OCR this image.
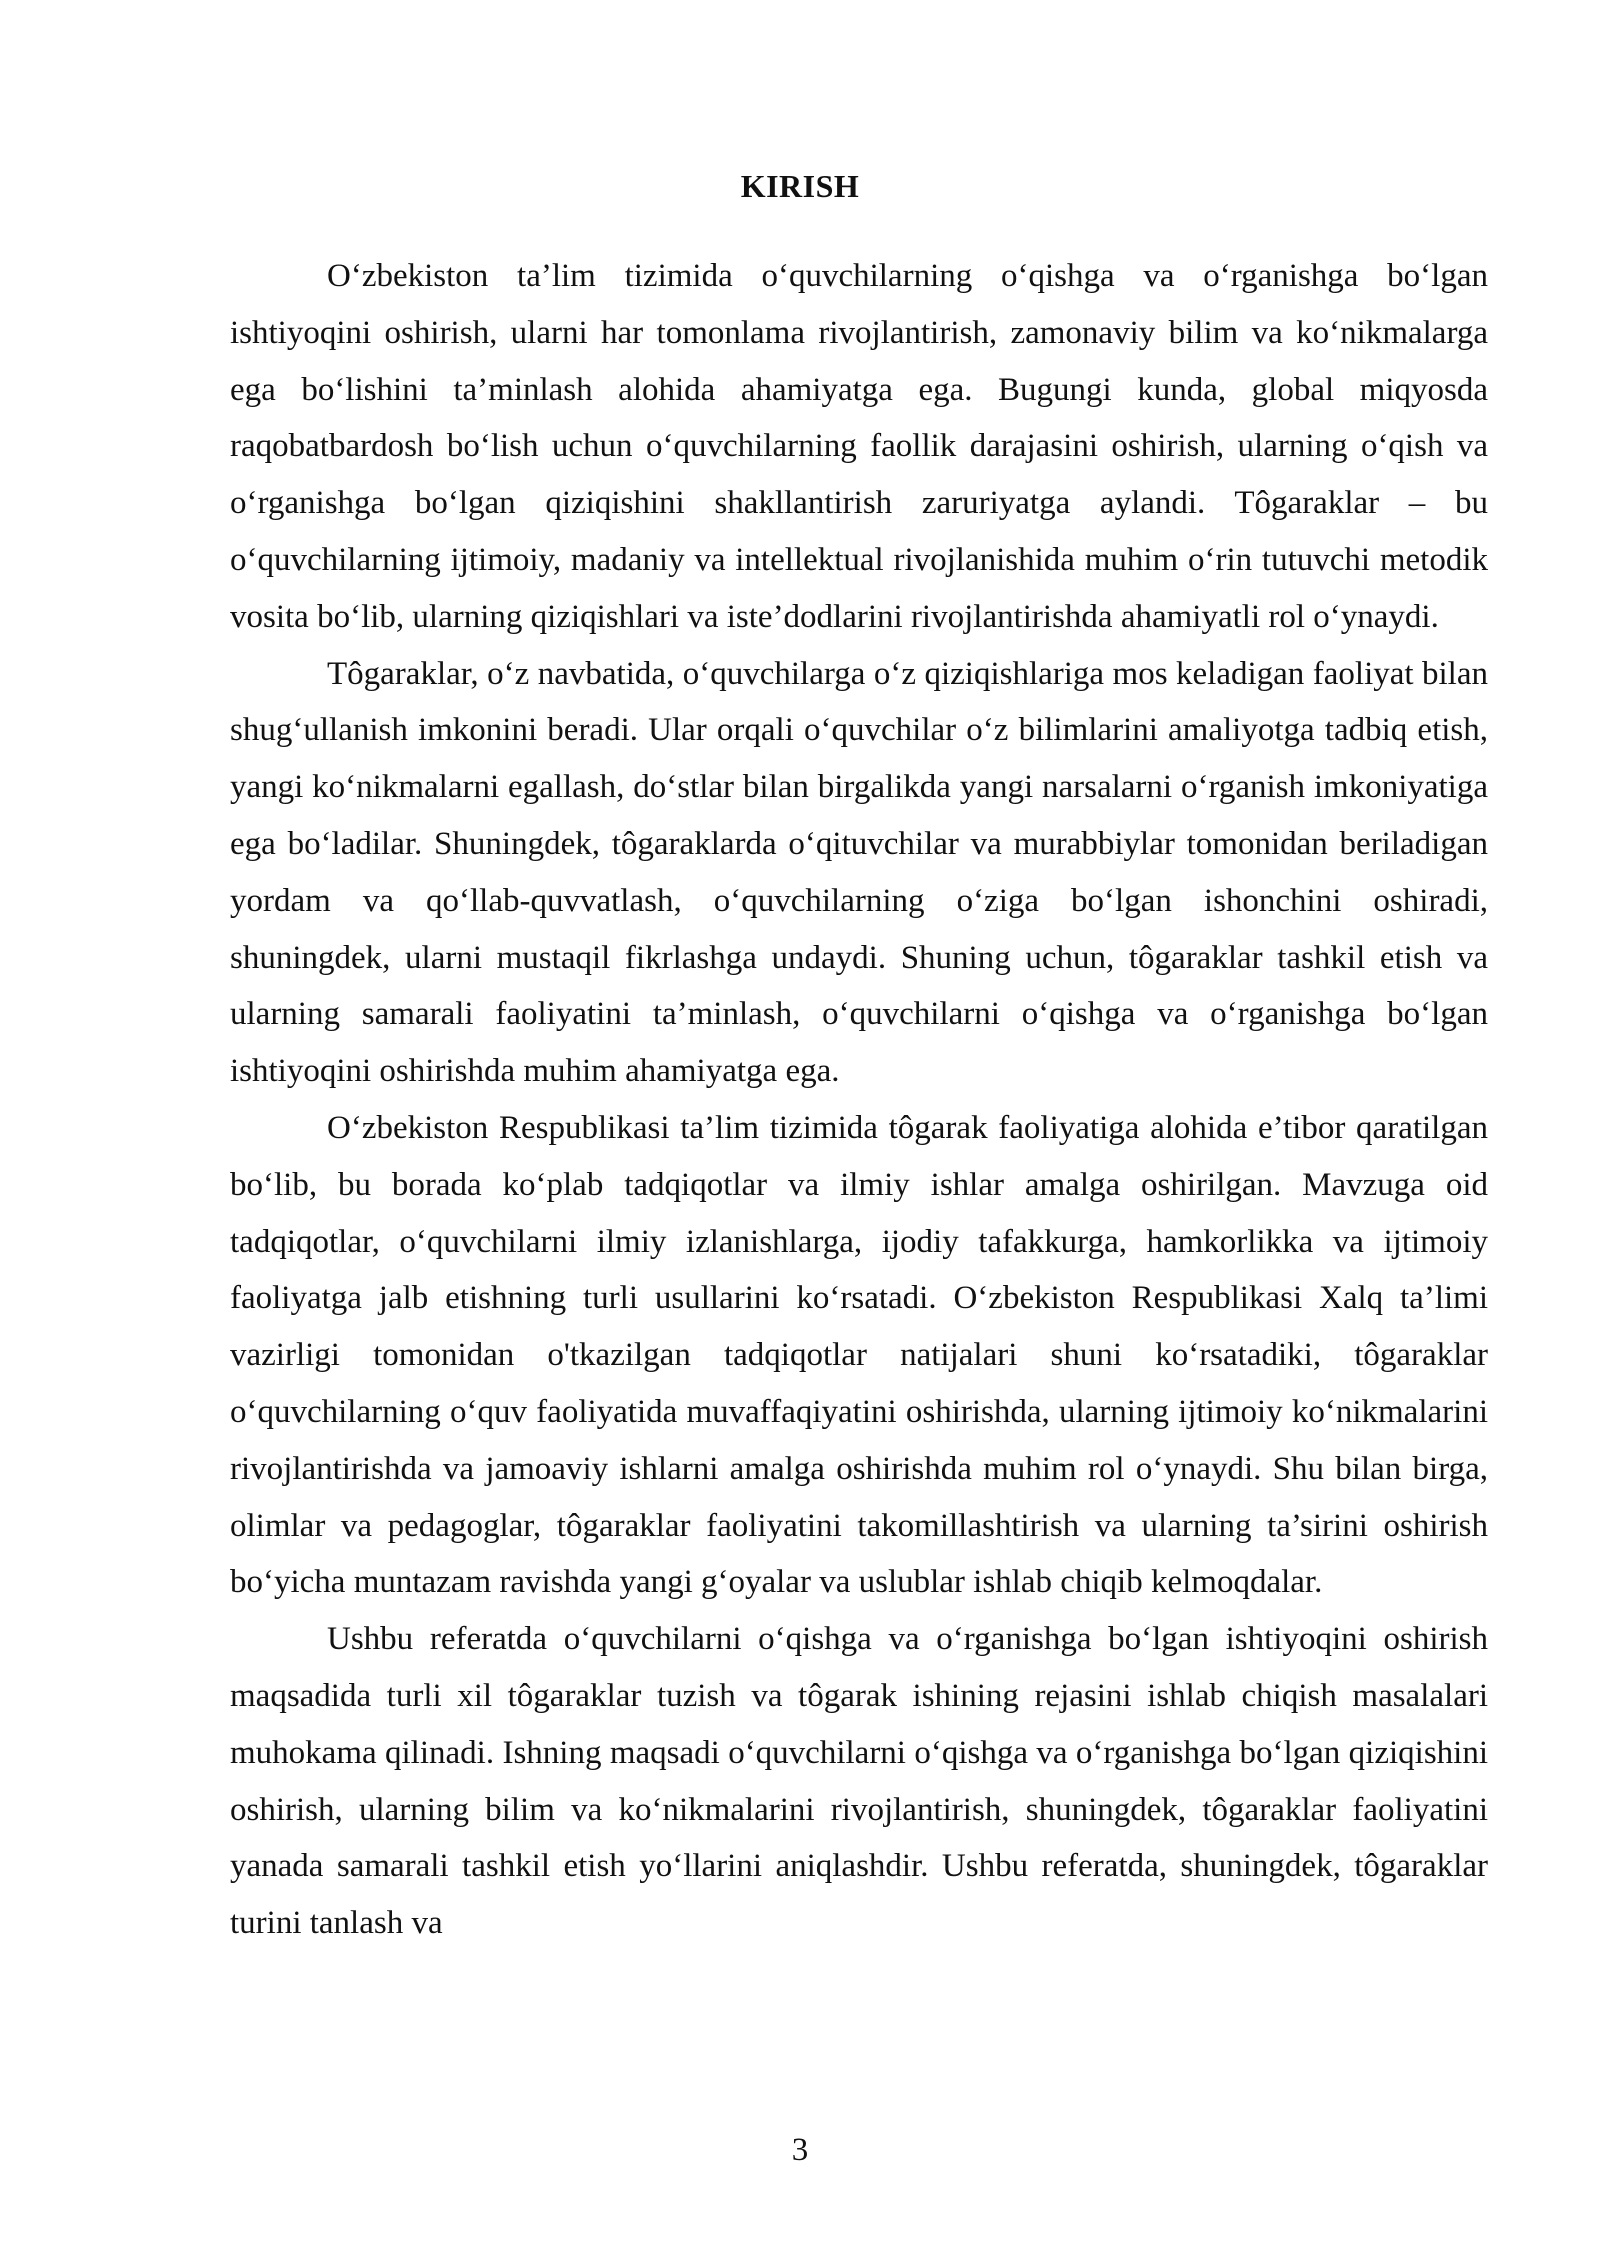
KIRISH

O‘zbekiston ta’lim tizimida o‘quvchilarning o‘qishga va o‘rganishga bo‘lgan ishtiyoqini oshirish, ularni har tomonlama rivojlantirish, zamonaviy bilim va ko‘nikmalarga ega bo‘lishini ta’minlash alohida ahamiyatga ega. Bugungi kunda, global miqyosda raqobatbardosh bo‘lish uchun o‘quvchilarning faollik darajasini oshirish, ularning o‘qish va o‘rganishga bo‘lgan qiziqishini shakllantirish zaruriyatga aylandi. Tôgaraklar – bu o‘quvchilarning ijtimoiy, madaniy va intellektual rivojlanishida muhim o‘rin tutuvchi metodik vosita bo‘lib, ularning qiziqishlari va iste’dodlarini rivojlantirishda ahamiyatli rol o‘ynaydi.

Tôgaraklar, o‘z navbatida, o‘quvchilarga o‘z qiziqishlariga mos keladigan faoliyat bilan shug‘ullanish imkonini beradi. Ular orqali o‘quvchilar o‘z bilimlarini amaliyotga tadbiq etish, yangi ko‘nikmalarni egallash, do‘stlar bilan birgalikda yangi narsalarni o‘rganish imkoniyatiga ega bo‘ladilar. Shuningdek, tôgaraklarda o‘qituvchilar va murabbiylar tomonidan beriladigan yordam va qo‘llab-quvvatlash, o‘quvchilarning o‘ziga bo‘lgan ishonchini oshiradi, shuningdek, ularni mustaqil fikrlashga undaydi. Shuning uchun, tôgaraklar tashkil etish va ularning samarali faoliyatini ta’minlash, o‘quvchilarni o‘qishga va o‘rganishga bo‘lgan ishtiyoqini oshirishda muhim ahamiyatga ega.

O‘zbekiston Respublikasi ta’lim tizimida tôgarak faoliyatiga alohida e’tibor qaratilgan bo‘lib, bu borada ko‘plab tadqiqotlar va ilmiy ishlar amalga oshirilgan. Mavzuga oid tadqiqotlar, o‘quvchilarni ilmiy izlanishlarga, ijodiy tafakkurga, hamkorlikka va ijtimoiy faoliyatga jalb etishning turli usullarini ko‘rsatadi. O‘zbekiston Respublikasi Xalq ta’limi vazirligi tomonidan o'tkazilgan tadqiqotlar natijalari shuni ko‘rsatadiki, tôgaraklar o‘quvchilarning o‘quv faoliyatida muvaffaqiyatini oshirishda, ularning ijtimoiy ko‘nikmalarini rivojlantirishda va jamoaviy ishlarni amalga oshirishda muhim rol o‘ynaydi. Shu bilan birga, olimlar va pedagoglar, tôgaraklar faoliyatini takomillashtirish va ularning ta’sirini oshirish bo‘yicha muntazam ravishda yangi g‘oyalar va uslublar ishlab chiqib kelmoqdalar.

Ushbu referatda o‘quvchilarni o‘qishga va o‘rganishga bo‘lgan ishtiyoqini oshirish maqsadida turli xil tôgaraklar tuzish va tôgarak ishining rejasini ishlab chiqish masalalari muhokama qilinadi. Ishning maqsadi o‘quvchilarni o‘qishga va o‘rganishga bo‘lgan qiziqishini oshirish, ularning bilim va ko‘nikmalarini rivojlantirish, shuningdek, tôgaraklar faoliyatini yanada samarali tashkil etish yo‘llarini aniqlashdir. Ushbu referatda, shuningdek, tôgaraklar turini tanlash va

3
